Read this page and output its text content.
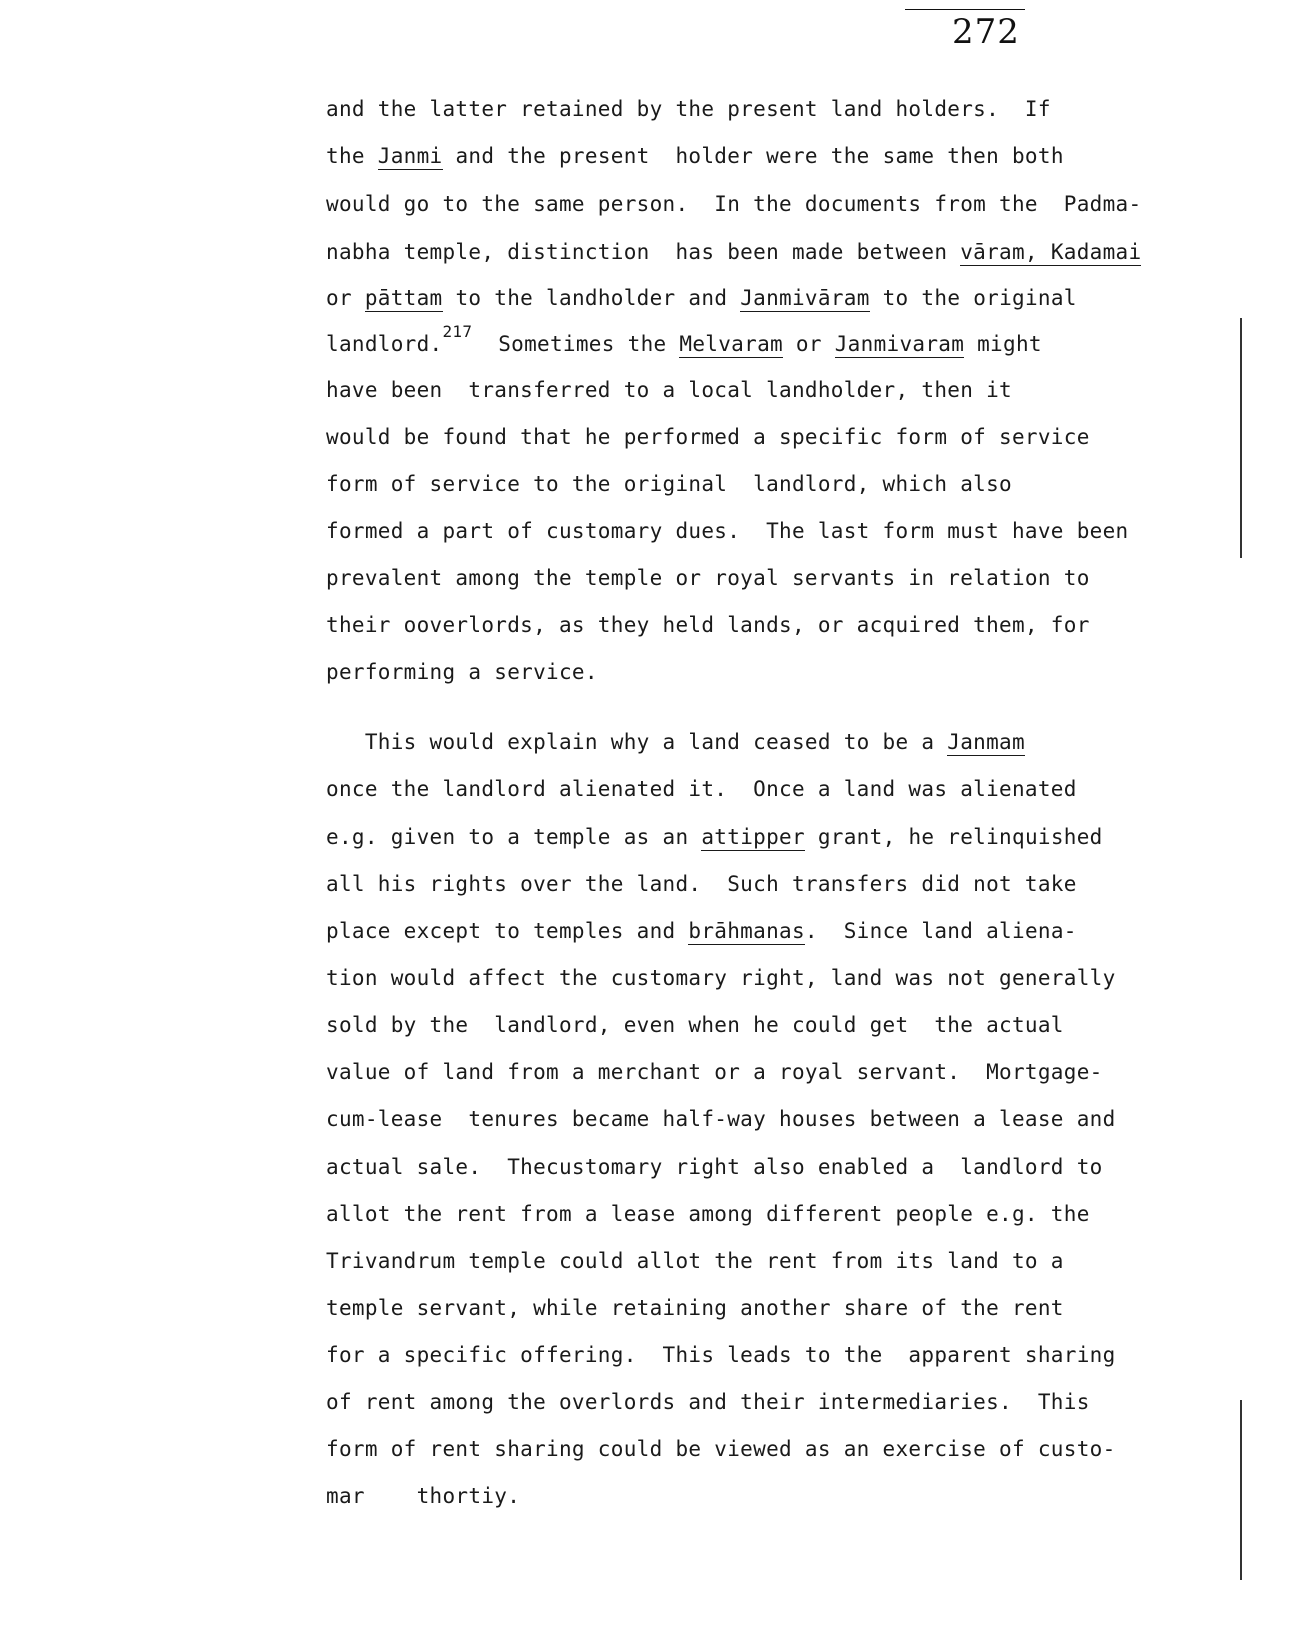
272
and the latter retained by the present land holders.  If
the Janmi and the present  holder were the same then both
would go to the same person.  In the documents from the  Padma-
nabha temple, distinction  has been made between vāram, Kadamai
or pāttam to the landholder and Janmivāram to the original
landlord.$^{217}$  Sometimes the Melvaram or Janmivaram might
have been  transferred to a local landholder, then it
would be found that he performed a specific form of service
form of service to the original  landlord, which also
formed a part of customary dues.  The last form must have been
prevalent among the temple or royal servants in relation to
their ooverlords, as they held lands, or acquired them, for
performing a service.
This would explain why a land ceased to be a Janmam
once the landlord alienated it.  Once a land was alienated
e.g. given to a temple as an attipper grant, he relinquished
all his rights over the land.  Such transfers did not take
place except to temples and brāhmanas.  Since land aliena-
tion would affect the customary right, land was not generally
sold by the  landlord, even when he could get  the actual
value of land from a merchant or a royal servant.  Mortgage-
cum-lease  tenures became half-way houses between a lease and
actual sale.  Thecustomary right also enabled a  landlord to
allot the rent from a lease among different people e.g. the
Trivandrum temple could allot the rent from its land to a
temple servant, while retaining another share of the rent
for a specific offering.  This leads to the  apparent sharing
of rent among the overlords and their intermediaries.  This
form of rent sharing could be viewed as an exercise of custo-
mar    thortiy.
